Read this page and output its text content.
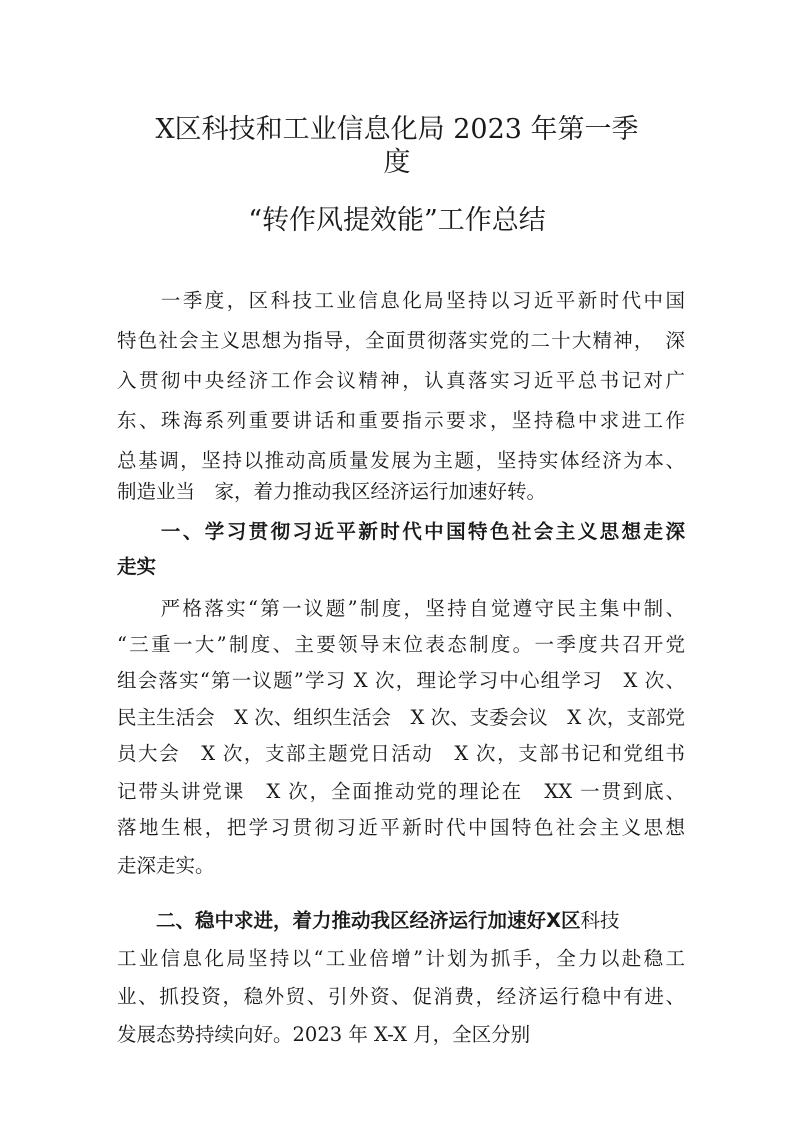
X区科技和工业信息化局 2023 年第一季
度
“转作风提效能”工作总结
　　一季度，区科技工业信息化局坚持以习近平新时代中国
特色社会主义思想为指导，全面贯彻落实党的二十大精神，　深
入贯彻中央经济工作会议精神，认真落实习近平总书记对广
东、珠海系列重要讲话和重要指示要求，坚持稳中求进工作
总基调，坚持以推动高质量发展为主题，坚持实体经济为本、
制造业当　家，着力推动我区经济运行加速好转。
　　一、学习贯彻习近平新时代中国特色社会主义思想走深
走实
　　严格落实“第一议题”制度，坚持自觉遵守民主集中制、
“三重一大”制度、主要领导末位表态制度。一季度共召开党
组会落实“第一议题”学习 X 次，理论学习中心组学习　X 次、
民主生活会　X 次、组织生活会　X 次、支委会议　X 次，支部党
员大会　X 次，支部主题党日活动　X 次，支部书记和党组书
记带头讲党课　X 次，全面推动党的理论在　XX 一贯到底、
落地生根，把学习贯彻习近平新时代中国特色社会主义思想
走深走实。
　　二、稳中求进，着力推动我区经济运行加速好X区科技
工业信息化局坚持以“工业倍增”计划为抓手，全力以赴稳工
业、抓投资，稳外贸、引外资、促消费，经济运行稳中有进、
发展态势持续向好。2023 年 X-X 月，全区分别
